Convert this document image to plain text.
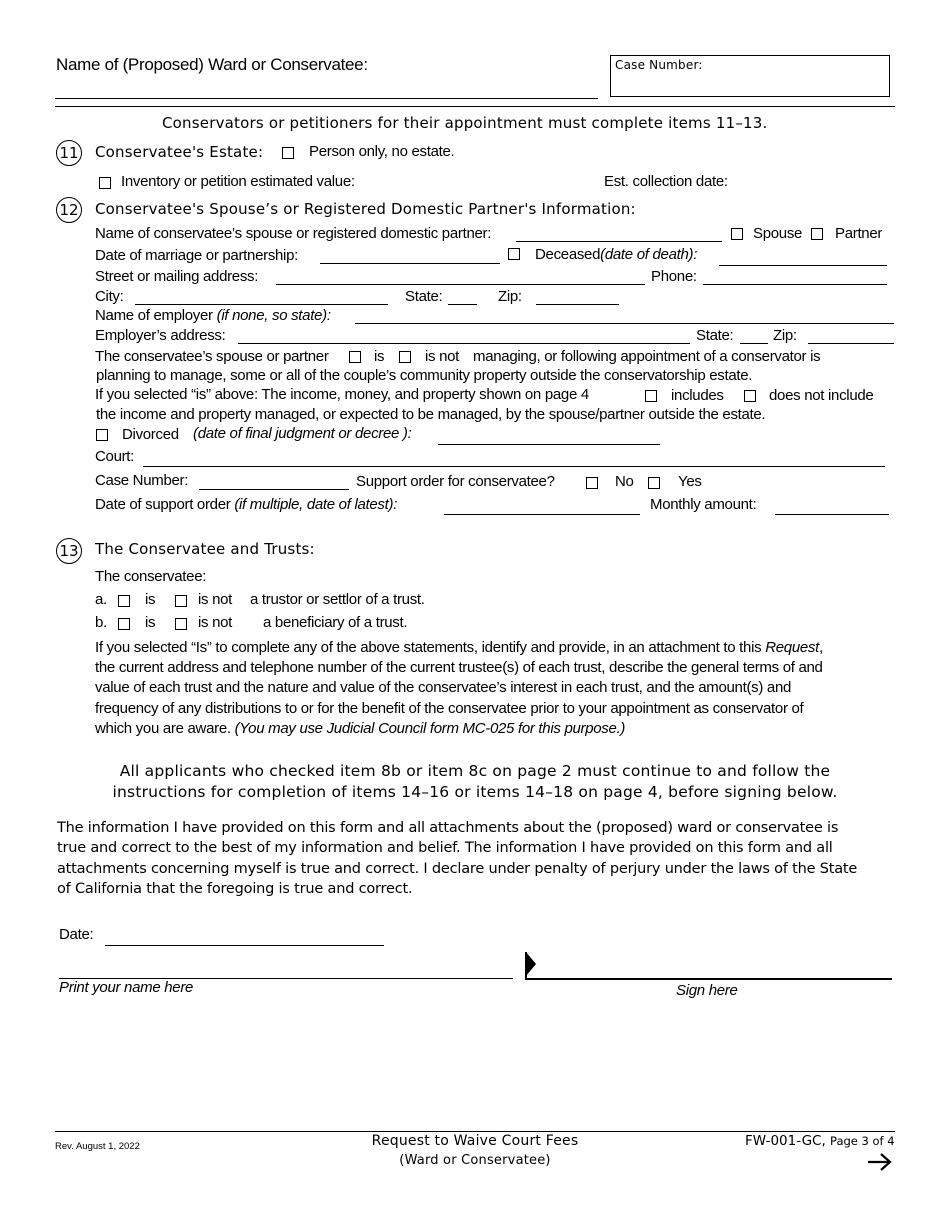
Name of (Proposed) Ward or Conservatee:	Case Number:
Conservators or petitioners for their appointment must complete items 11–13.
11 Conservatee's Estate:	Person only, no estate.
Inventory or petition estimated value:	Est. collection date:
12 Conservatee's Spouse’s or Registered Domestic Partner's Information:
Name of conservatee’s spouse or registered domestic partner:	Spouse Partner
Date of marriage or partnership:	Deceased(date of death):
Street or mailing address:	Phone:
City:	State:	Zip:
Name of employer (if none, so state):
Employer’s address:	State:	Zip:
The conservatee’s spouse or partner	is	is not managing, or following appointment of a conservator is
planning to manage, some or all of the couple’s community property outside the conservatorship estate.
If you selected “is” above: The income, money, and property shown on page 4	includes	does not include
the income and property managed, or expected to be managed, by the spouse/partner outside the estate.
Divorced (date of final judgment or decree ):
Court:
Case Number:	Support order for conservatee?	No	Yes
Date of support order (if multiple, date of latest):	Monthly amount:
13 The Conservatee and Trusts:
The conservatee:
a.	is	is not a trustor or settlor of a trust.
b.	is	is not a beneficiary of a trust.
If you selected “Is” to complete any of the above statements, identify and provide, in an attachment to this Request,
the current address and telephone number of the current trustee(s) of each trust, describe the general terms of and
value of each trust and the nature and value of the conservatee’s interest in each trust, and the amount(s) and
frequency of any distributions to or for the benefit of the conservatee prior to your appointment as conservator of
which you are aware. (You may use Judicial Council form MC-025 for this purpose.)
All applicants who checked item 8b or item 8c on page 2 must continue to and follow the
instructions for completion of items 14–16 or items 14–18 on page 4, before signing below.
The information I have provided on this form and all attachments about the (proposed) ward or conservatee is
true and correct to the best of my information and belief. The information I have provided on this form and all
attachments concerning myself is true and correct. I declare under penalty of perjury under the laws of the State
of California that the foregoing is true and correct.
Date:
Print your name here	Sign here
Rev. August 1, 2022	Request to Waive Court Fees
(Ward or Conservatee)
FW-001-GC, Page 3 of 4
